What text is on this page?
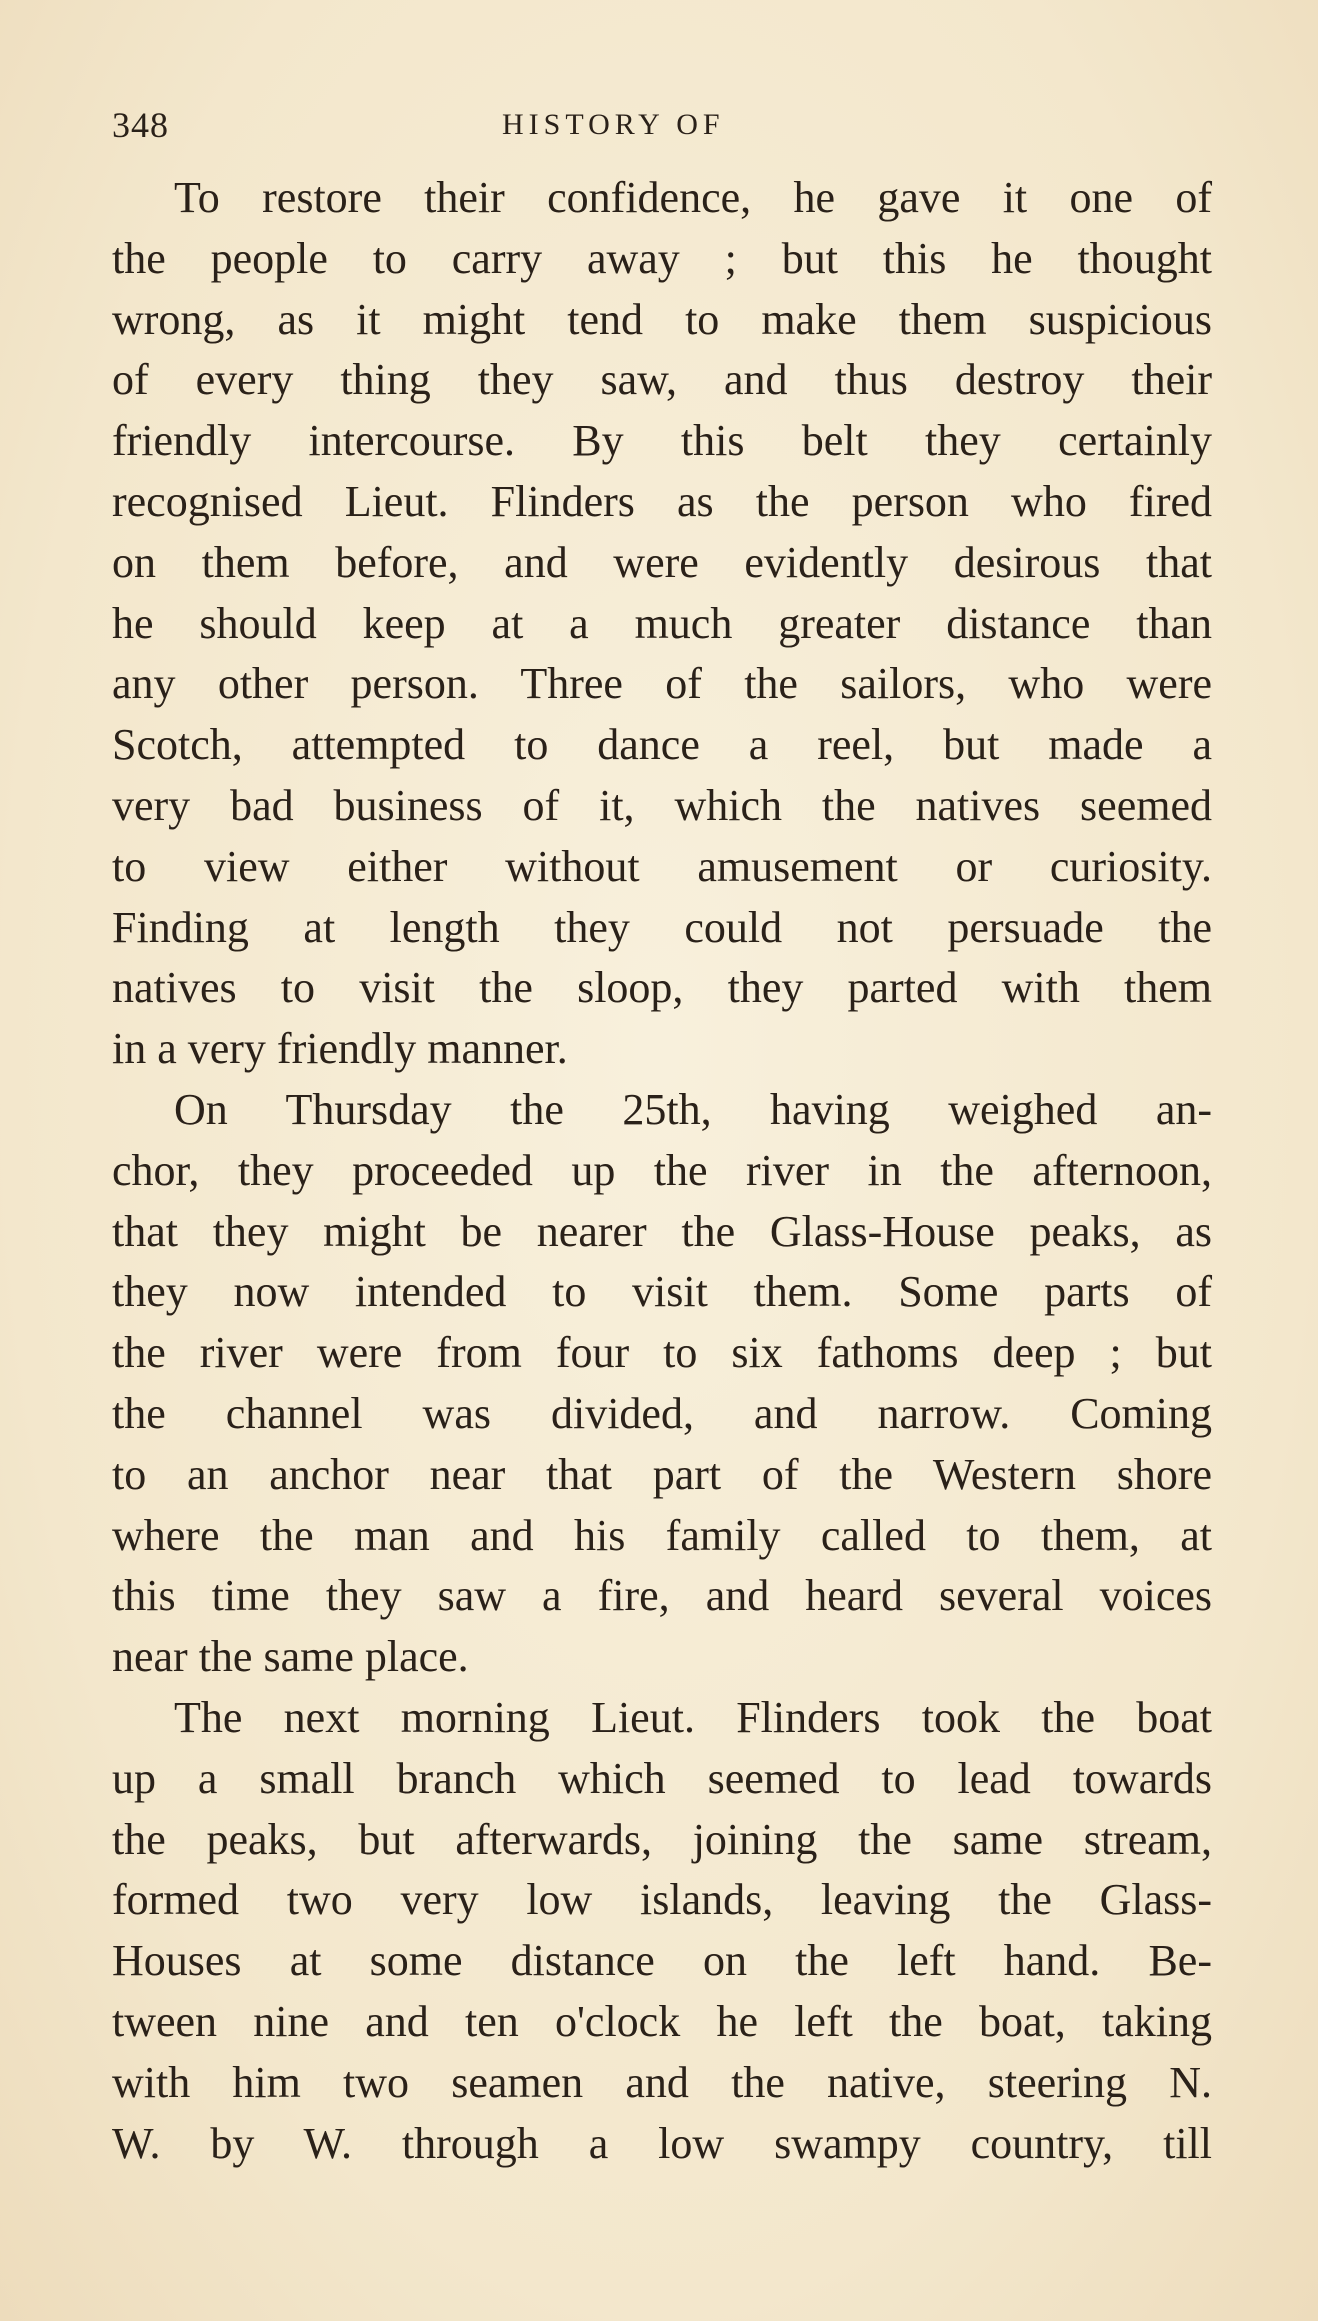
348	HISTORY OF
To restore their confidence, he gave it one of
the people to carry away ; but this he thought
wrong, as it might tend to make them suspicious
of every thing they saw, and thus destroy their
friendly intercourse. By this belt they certainly
recognised Lieut. Flinders as the person who fired
on them before, and were evidently desirous that
he should keep at a much greater distance than
any other person. Three of the sailors, who were
Scotch, attempted to dance a reel, but made a
very bad business of it, which the natives seemed
to view either without amusement or curiosity.
Finding at length they could not persuade the
natives to visit the sloop, they parted with them
in a very friendly manner.
On Thursday the 25th, having weighed an-
chor, they proceeded up the river in the afternoon,
that they might be nearer the Glass-House peaks, as
they now intended to visit them. Some parts of
the river were from four to six fathoms deep ; but
the channel was divided, and narrow. Coming
to an anchor near that part of the Western shore
where the man and his family called to them, at
this time they saw a fire, and heard several voices
near the same place.
The next morning Lieut. Flinders took the boat
up a small branch which seemed to lead towards
the peaks, but afterwards, joining the same stream,
formed two very low islands, leaving the Glass-
Houses at some distance on the left hand. Be-
tween nine and ten o'clock he left the boat, taking
with him two seamen and the native, steering N.
W. by W. through a low swampy country, till
